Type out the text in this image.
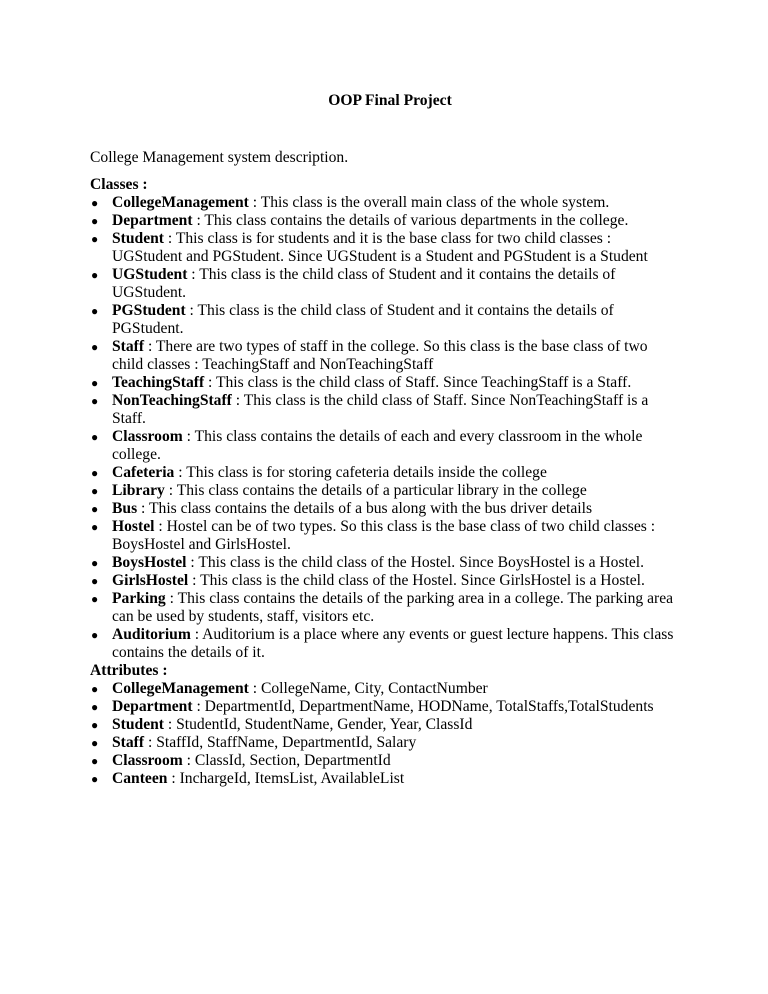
OOP Final Project
College Management system description.
Classes :
● CollegeManagement : This class is the overall main class of the whole system.
● Department : This class contains the details of various departments in the college.
● Student : This class is for students and it is the base class for two child classes : UGStudent and PGStudent. Since UGStudent is a Student and PGStudent is a Student
● UGStudent : This class is the child class of Student and it contains the details of UGStudent.
● PGStudent : This class is the child class of Student and it contains the details of PGStudent.
● Staff : There are two types of staff in the college. So this class is the base class of two child classes : TeachingStaff and NonTeachingStaff
● TeachingStaff : This class is the child class of Staff. Since TeachingStaff is a Staff.
● NonTeachingStaff : This class is the child class of Staff. Since NonTeachingStaff is a Staff.
● Classroom : This class contains the details of each and every classroom in the whole college.
● Cafeteria : This class is for storing cafeteria details inside the college
● Library : This class contains the details of a particular library in the college
● Bus : This class contains the details of a bus along with the bus driver details
● Hostel : Hostel can be of two types. So this class is the base class of two child classes : BoysHostel and GirlsHostel.
● BoysHostel : This class is the child class of the Hostel. Since BoysHostel is a Hostel.
● GirlsHostel : This class is the child class of the Hostel. Since GirlsHostel is a Hostel.
● Parking : This class contains the details of the parking area in a college. The parking area can be used by students, staff, visitors etc.
● Auditorium : Auditorium is a place where any events or guest lecture happens. This class contains the details of it.
Attributes :
● CollegeManagement : CollegeName, City, ContactNumber
● Department : DepartmentId, DepartmentName, HODName, TotalStaffs,TotalStudents
● Student : StudentId, StudentName, Gender, Year, ClassId
● Staff : StaffId, StaffName, DepartmentId, Salary
● Classroom : ClassId, Section, DepartmentId
● Canteen : InchargeId, ItemsList, AvailableList
